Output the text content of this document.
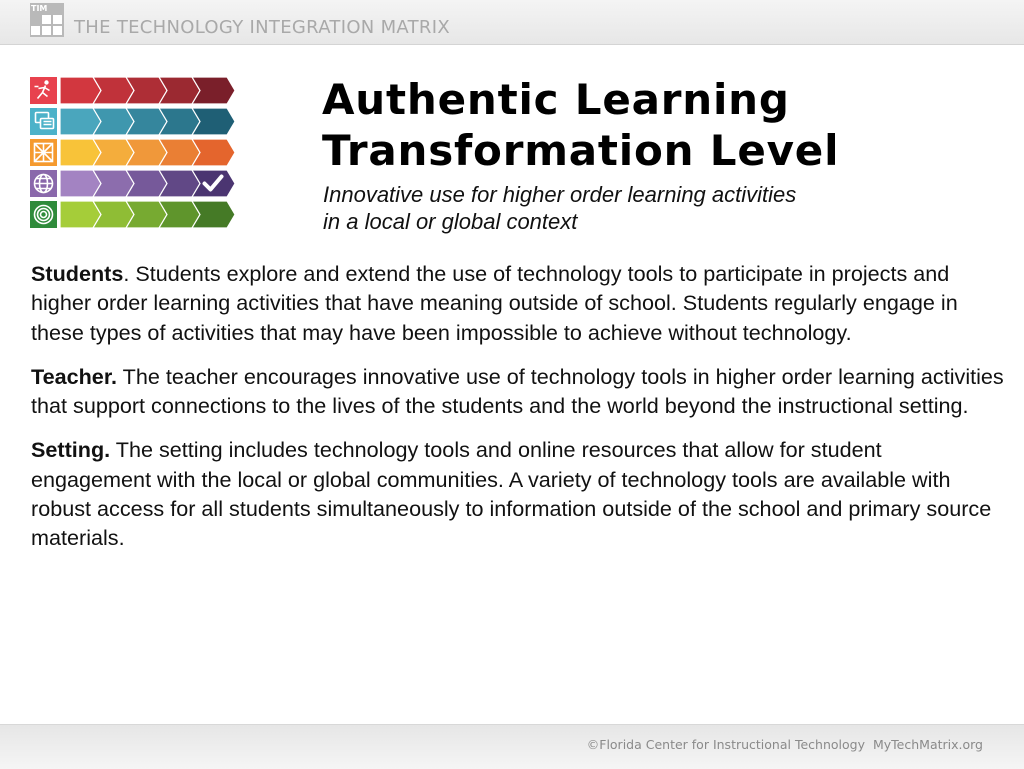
TIM
THE TECHNOLOGY INTEGRATION MATRIX
Authentic Learning
Transformation Level

Innovative use for higher order learning activities
in a local or global context

Students. Students explore and extend the use of technology tools to participate in projects and higher order learning activities that have meaning outside of school. Students regularly engage in these types of activities that may have been impossible to achieve without technology.

Teacher. The teacher encourages innovative use of technology tools in higher order learning activities that support connections to the lives of the students and the world beyond the instructional setting.

Setting. The setting includes technology tools and online resources that allow for student engagement with the local or global communities. A variety of technology tools are available with robust access for all students simultaneously to information outside of the school and primary source materials.

©Florida Center for Instructional Technology MyTechMatrix.org
